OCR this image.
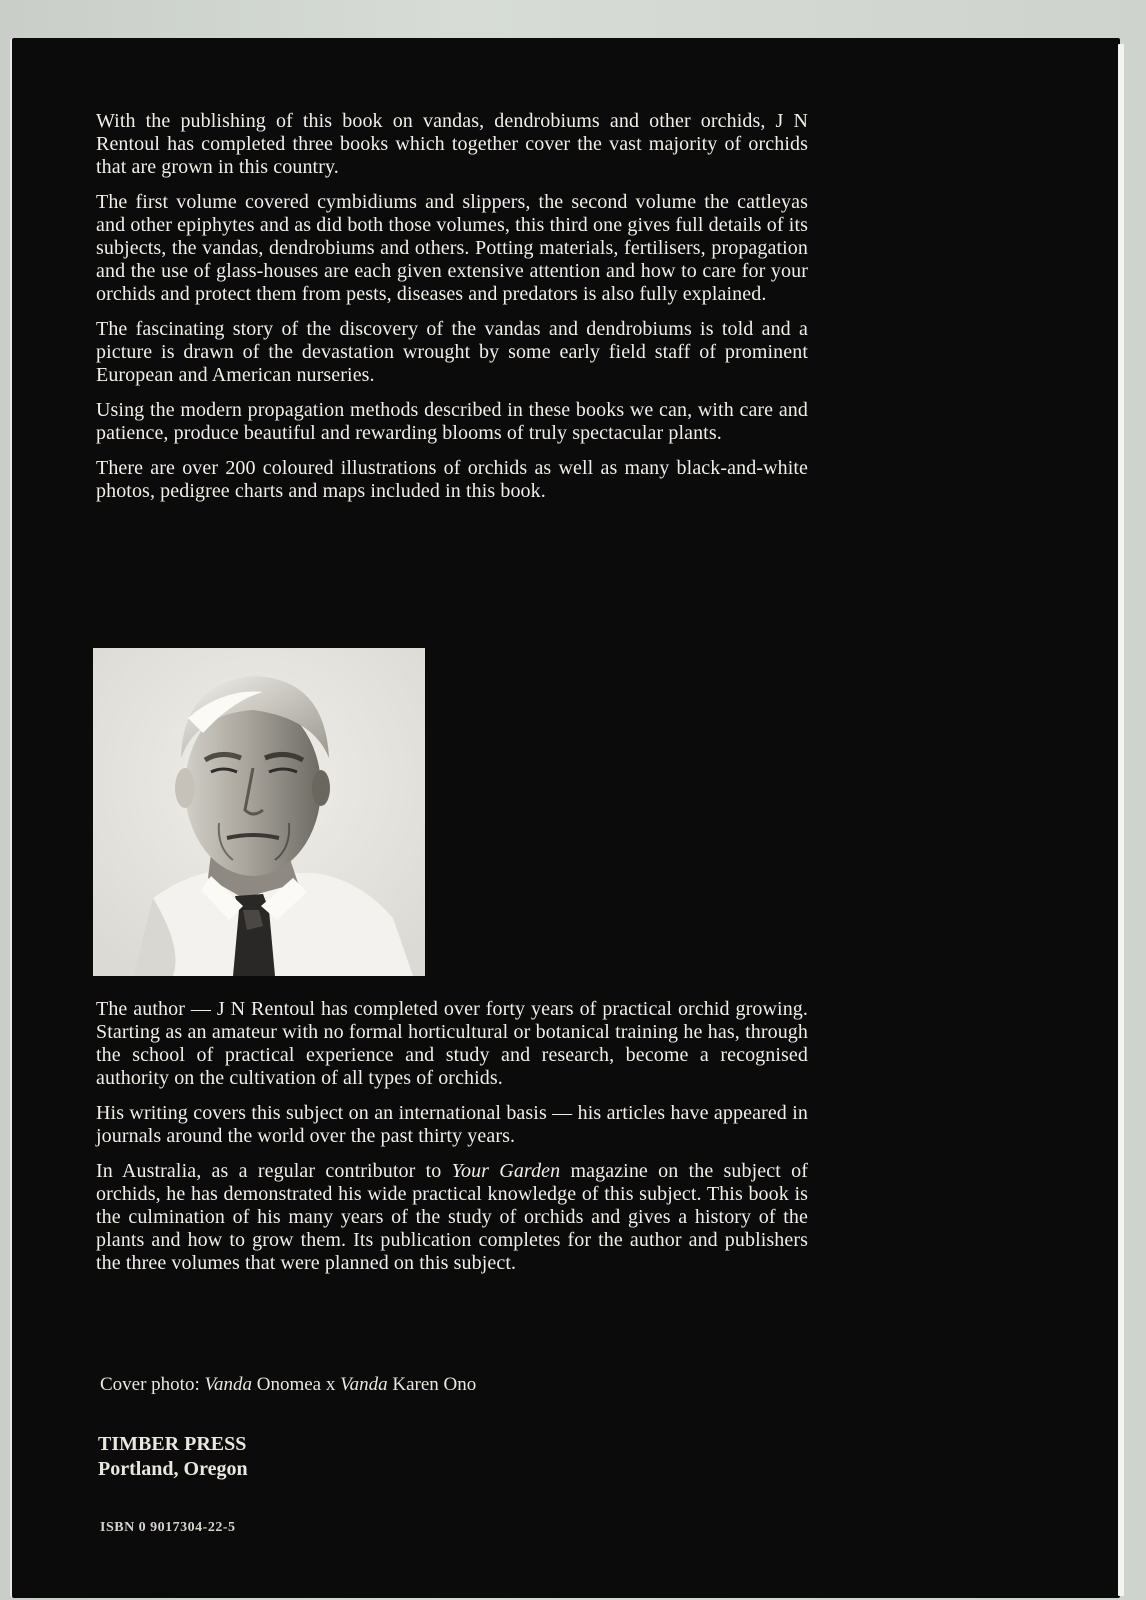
With the publishing of this book on vandas, dendrobiums and other orchids, J N Rentoul has completed three books which together cover the vast majority of orchids that are grown in this country.

The first volume covered cymbidiums and slippers, the second volume the cattleyas and other epiphytes and as did both those volumes, this third one gives full details of its subjects, the vandas, dendrobiums and others. Potting materials, fertilisers, propagation and the use of glass-houses are each given extensive attention and how to care for your orchids and protect them from pests, diseases and predators is also fully explained.

The fascinating story of the discovery of the vandas and dendrobiums is told and a picture is drawn of the devastation wrought by some early field staff of prominent European and American nurseries.

Using the modern propagation methods described in these books we can, with care and patience, produce beautiful and rewarding blooms of truly spectacular plants.

There are over 200 coloured illustrations of orchids as well as many black-and-white photos, pedigree charts and maps included in this book.

The author — J N Rentoul has completed over forty years of practical orchid growing. Starting as an amateur with no formal horticultural or botanical training he has, through the school of practical experience and study and research, become a recognised authority on the cultivation of all types of orchids.

His writing covers this subject on an international basis — his articles have appeared in journals around the world over the past thirty years.

In Australia, as a regular contributor to Your Garden magazine on the subject of orchids, he has demonstrated his wide practical knowledge of this subject. This book is the culmination of his many years of the study of orchids and gives a history of the plants and how to grow them. Its publication completes for the author and publishers the three volumes that were planned on this subject.

Cover photo: Vanda Onomea x Vanda Karen Ono
TIMBER PRESS
Portland, Oregon
ISBN 0 9017304-22-5
